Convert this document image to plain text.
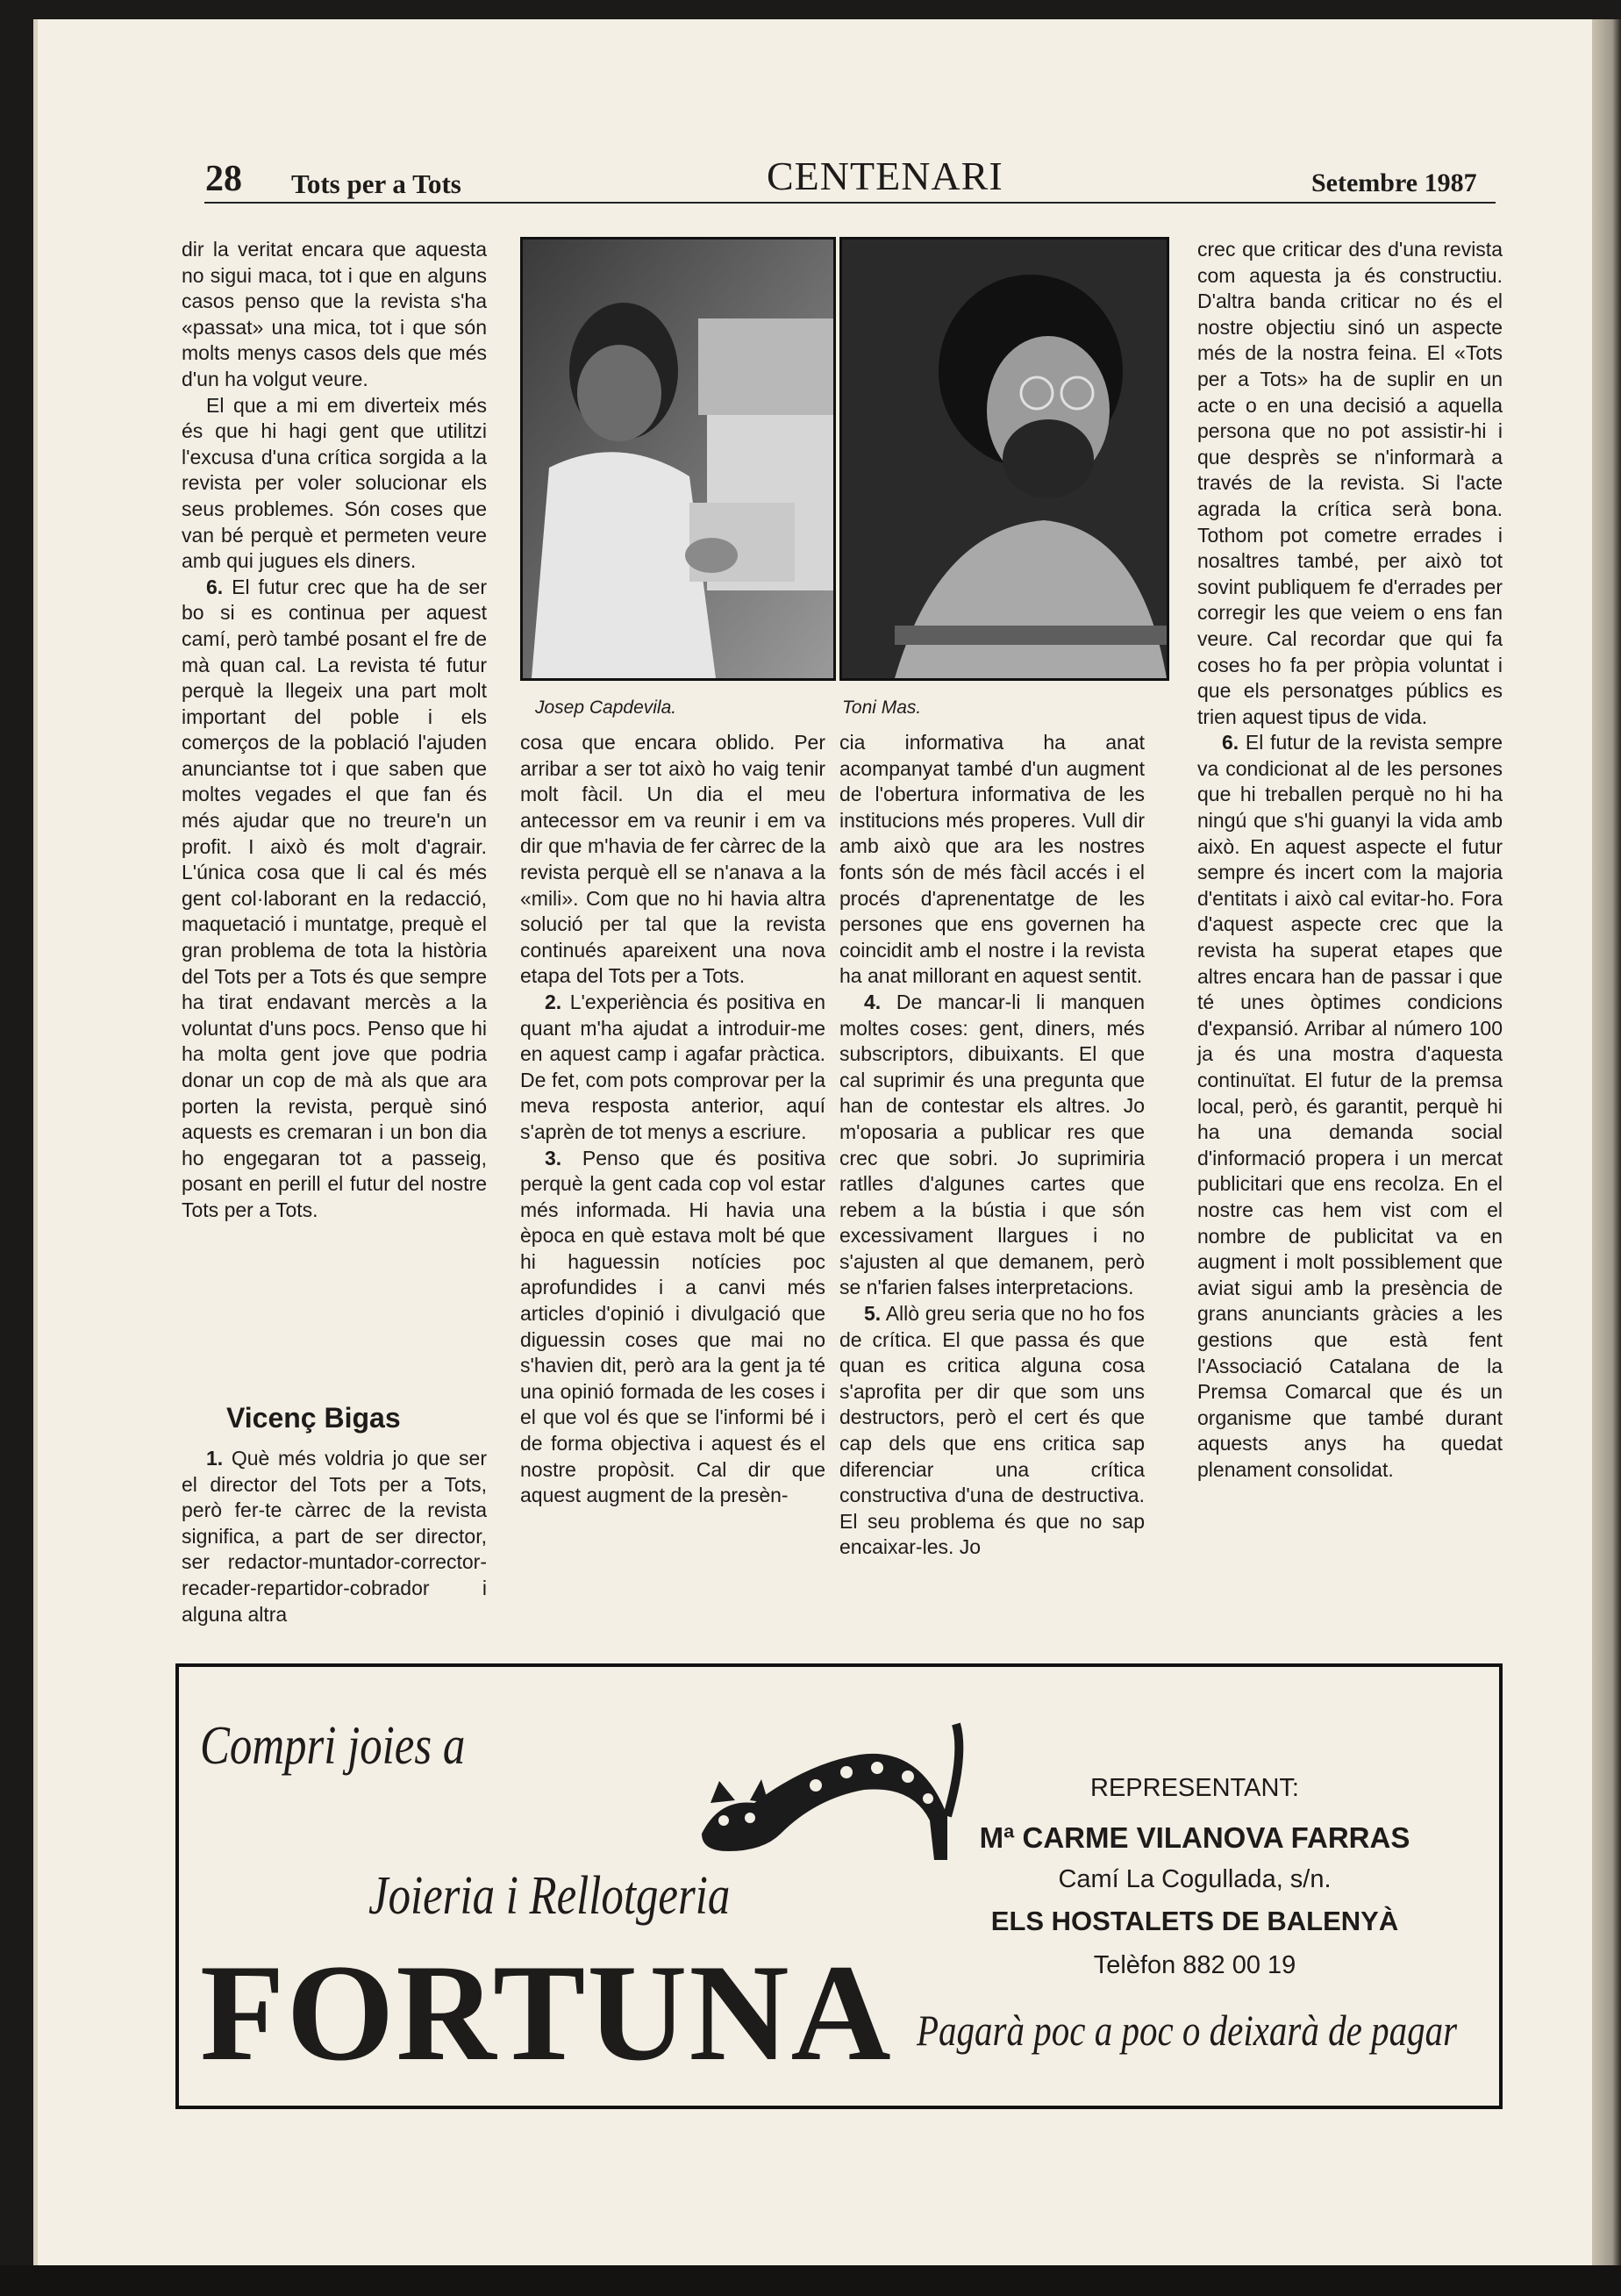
28 Tots per a Tots	CENTENARI	Setembre 1987

dir la veritat encara que aquesta no sigui maca, tot i que en alguns casos penso que la revista s'ha «passat» una mica, tot i que són molts menys casos dels que més d'un ha volgut veure.

El que a mi em diverteix més és que hi hagi gent que utilitzi l'excusa d'una crítica sorgida a la revista per voler solucionar els seus problemes. Són coses que van bé perquè et permeten veure amb qui jugues els diners.

6. El futur crec que ha de ser bo si es continua per aquest camí, però també posant el fre de mà quan cal. La revista té futur perquè la llegeix una part molt important del poble i els comerços de la població l'ajuden anunciantse tot i que saben que moltes vegades el que fan és més ajudar que no treure'n un profit. I això és molt d'agrair. L'única cosa que li cal és més gent col·laborant en la redacció, maquetació i muntatge, prequè el gran problema de tota la història del Tots per a Tots és que sempre ha tirat endavant mercès a la voluntat d'uns pocs. Penso que hi ha molta gent jove que podria donar un cop de mà als que ara porten la revista, perquè sinó aquests es cremaran i un bon dia ho engegaran tot a passeig, posant en perill el futur del nostre Tots per a Tots.

Vicenç Bigas

1. Què més voldria jo que ser el director del Tots per a Tots, però fer-te càrrec de la revista significa, a part de ser director, ser redactor-muntador-corrector-recader-repartidor-cobrador i alguna altra

Josep Capdevila.	Toni Mas.

cosa que encara oblido. Per arribar a ser tot això ho vaig tenir molt fàcil. Un dia el meu antecessor em va reunir i em va dir que m'havia de fer càrrec de la revista perquè ell se n'anava a la «mili». Com que no hi havia altra solució per tal que la revista continués apareixent una nova etapa del Tots per a Tots.

2. L'experiència és positiva en quant m'ha ajudat a introduir-me en aquest camp i agafar pràctica. De fet, com pots comprovar per la meva resposta anterior, aquí s'aprèn de tot menys a escriure.

3. Penso que és positiva perquè la gent cada cop vol estar més informada. Hi havia una època en què estava molt bé que hi haguessin notícies poc aprofundides i a canvi més articles d'opinió i divulgació que diguessin coses que mai no s'havien dit, però ara la gent ja té una opinió formada de les coses i el que vol és que se l'informi bé i de forma objectiva i aquest és el nostre propòsit. Cal dir que aquest augment de la presèn-

cia informativa ha anat acompanyat també d'un augment de l'obertura informativa de les institucions més properes. Vull dir amb això que ara les nostres fonts són de més fàcil accés i el procés d'aprenentatge de les persones que ens governen ha coincidit amb el nostre i la revista ha anat millorant en aquest sentit.

4. De mancar-li li manquen moltes coses: gent, diners, més subscriptors, dibuixants. El que cal suprimir és una pregunta que han de contestar els altres. Jo m'oposaria a publicar res que crec que sobri. Jo suprimiria ratlles d'algunes cartes que rebem a la bústia i que són excessivament llargues i no s'ajusten al que demanem, però se n'farien falses interpretacions.

5. Allò greu seria que no ho fos de crítica. El que passa és que quan es critica alguna cosa s'aprofita per dir que som uns destructors, però el cert és que cap dels que ens critica sap diferenciar una crítica constructiva d'una de destructiva. El seu problema és que no sap encaixar-les. Jo

crec que criticar des d'una revista com aquesta ja és constructiu. D'altra banda criticar no és el nostre objectiu sinó un aspecte més de la nostra feina. El «Tots per a Tots» ha de suplir en un acte o en una decisió a aquella persona que no pot assistir-hi i que desprès se n'informarà a través de la revista. Si l'acte agrada la crítica serà bona. Tothom pot cometre errades i nosaltres també, per això tot sovint publiquem fe d'errades per corregir les que veiem o ens fan veure. Cal recordar que qui fa coses ho fa per pròpia voluntat i que els personatges públics es trien aquest tipus de vida.

6. El futur de la revista sempre va condicionat al de les persones que hi treballen perquè no hi ha ningú que s'hi guanyi la vida amb això. En aquest aspecte el futur sempre és incert com la majoria d'entitats i això cal evitar-ho. Fora d'aquest aspecte crec que la revista ha superat etapes que altres encara han de passar i que té unes òptimes condicions d'expansió. Arribar al número 100 ja és una mostra d'aquesta continuïtat. El futur de la premsa local, però, és garantit, perquè hi ha una demanda social d'informació propera i un mercat publicitari que ens recolza. En el nostre cas hem vist com el nombre de publicitat va en augment i molt possiblement que aviat sigui amb la presència de grans anunciants gràcies a les gestions que està fent l'Associació Catalana de la Premsa Comarcal que és un organisme que també durant aquests anys ha quedat plenament consolidat.

Compri joies a
Joieria i Rellotgeria
FORTUNA
REPRESENTANT:
Mª CARME VILANOVA FARRAS
Camí La Cogullada, s/n.
ELS HOSTALETS DE BALENYÀ
Telèfon 882 00 19
Pagarà poc a poc o deixarà de pagar
